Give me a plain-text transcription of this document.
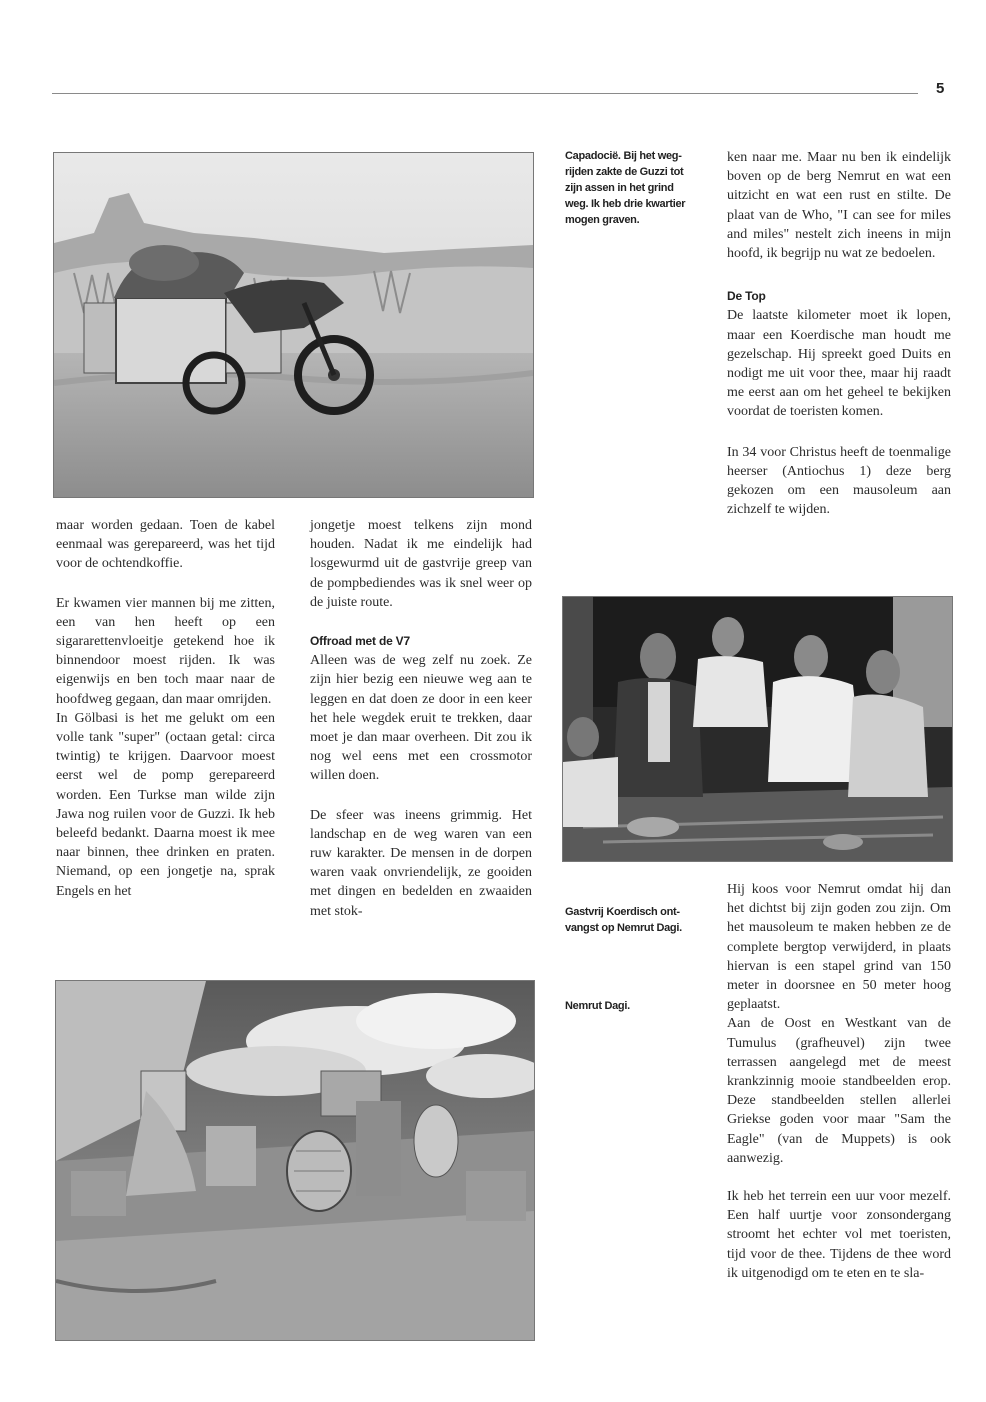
5
Capadocië. Bij het wegrijden zakte de Guzzi tot zijn assen in het grind weg. Ik heb drie kwartier mogen graven.

ken naar me. Maar nu ben ik eindelijk boven op de berg Nemrut en wat een uitzicht en wat een rust en stilte. De plaat van de Who, "I can see for miles and miles" nestelt zich ineens in mijn hoofd, ik begrijp nu wat ze bedoelen.

De Top

De laatste kilometer moet ik lopen, maar een Koerdische man houdt me gezelschap. Hij spreekt goed Duits en nodigt me uit voor thee, maar hij raadt me eerst aan om het geheel te bekijken voordat de toeristen komen.

In 34 voor Christus heeft de toenmalige heerser (Antiochus 1) deze berg gekozen om een mausoleum aan zichzelf te wijden.

maar worden gedaan. Toen de kabel eenmaal was gerepareerd, was het tijd voor de ochtendkoffie.

Er kwamen vier mannen bij me zitten, een van hen heeft op een sigararettenvloeitje getekend hoe ik binnendoor moest rijden. Ik was eigenwijs en ben toch maar naar de hoofdweg gegaan, dan maar omrijden.

In Gölbasi is het me gelukt om een volle tank "super" (octaan getal: circa twintig) te krijgen. Daarvoor moest eerst wel de pomp gerepareerd worden. Een Turkse man wilde zijn Jawa nog ruilen voor de Guzzi. Ik heb beleefd bedankt. Daarna moest ik mee naar binnen, thee drinken en praten. Niemand, op een jongetje na, sprak Engels en het

jongetje moest telkens zijn mond houden. Nadat ik me eindelijk had losgewurmd uit de gastvrije greep van de pompbediendes was ik snel weer op de juiste route.

Offroad met de V7

Alleen was de weg zelf nu zoek. Ze zijn hier bezig een nieuwe weg aan te leggen en dat doen ze door in een keer het hele wegdek eruit te trekken, daar moet je dan maar overheen. Dit zou ik nog wel eens met een crossmotor willen doen.

De sfeer was ineens grimmig. Het landschap en de weg waren van een ruw karakter. De mensen in de dorpen waren vaak onvriendelijk, ze gooiden met dingen en bedelden en zwaaiden met stok-	Gastvrij Koerdisch ontvangst op Nemrut Dagi.
Nemrut Dagi.

Hij koos voor Nemrut omdat hij dan het dichtst bij zijn goden zou zijn. Om het mausoleum te maken hebben ze de complete bergtop verwijderd, in plaats hiervan is een stapel grind van 150 meter in doorsnee en 50 meter hoog geplaatst.

Aan de Oost en Westkant van de Tumulus (grafheuvel) zijn twee terrassen aangelegd met de meest krankzinnig mooie standbeelden erop. Deze standbeelden stellen allerlei Griekse goden voor maar "Sam the Eagle" (van de Muppets) is ook aanwezig.

Ik heb het terrein een uur voor mezelf. Een half uurtje voor zonsondergang stroomt het echter vol met toeristen, tijd voor de thee. Tijdens de thee word ik uitgenodigd om te eten en te sla-
